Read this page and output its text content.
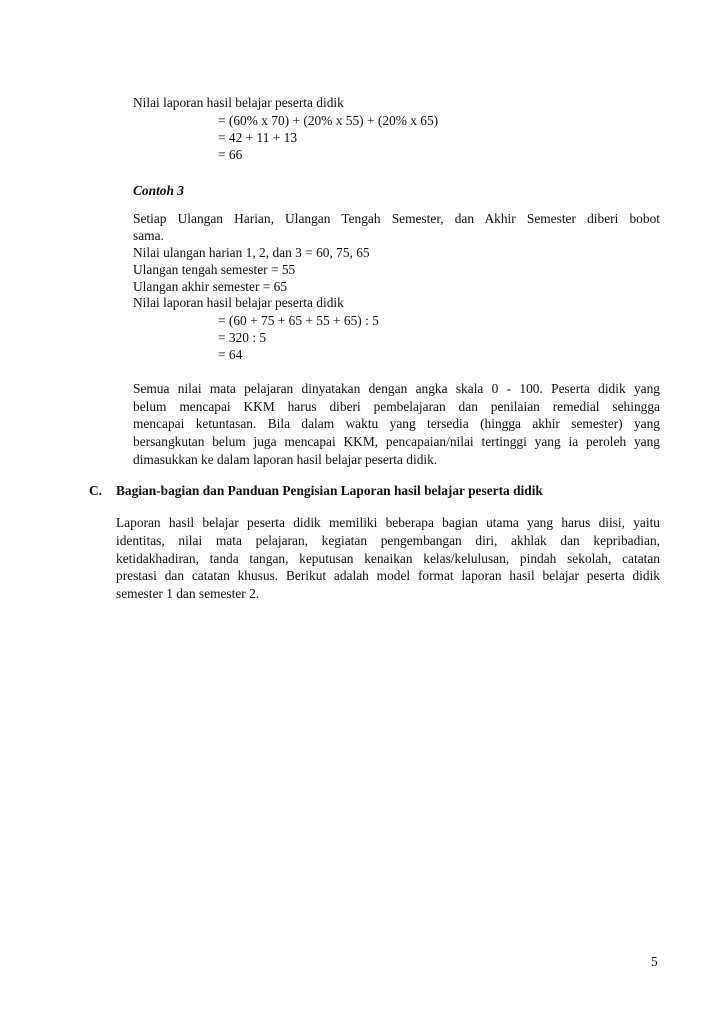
Nilai laporan hasil belajar peserta didik
= (60% x 70) + (20% x 55) + (20% x 65)
= 42 + 11 + 13
= 66
Contoh 3
Setiap Ulangan Harian, Ulangan Tengah Semester, dan Akhir Semester diberi bobot
sama.
Nilai ulangan harian 1, 2, dan 3 = 60, 75, 65
Ulangan tengah semester = 55
Ulangan akhir semester = 65
Nilai laporan hasil belajar peserta didik
= (60 + 75 + 65 + 55 + 65) : 5
= 320 : 5
= 64
Semua nilai mata pelajaran dinyatakan dengan angka skala 0 - 100. Peserta didik yang
belum mencapai KKM harus diberi pembelajaran dan penilaian remedial sehingga
mencapai ketuntasan. Bila dalam waktu yang tersedia (hingga akhir semester) yang
bersangkutan belum juga mencapai KKM, pencapaian/nilai tertinggi yang ia peroleh yang
dimasukkan ke dalam laporan hasil belajar peserta didik.
C. Bagian-bagian dan Panduan Pengisian Laporan hasil belajar peserta didik
Laporan hasil belajar peserta didik memiliki beberapa bagian utama yang harus diisi, yaitu
identitas, nilai mata pelajaran, kegiatan pengembangan diri, akhlak dan kepribadian,
ketidakhadiran, tanda tangan, keputusan kenaikan kelas/kelulusan, pindah sekolah, catatan
prestasi dan catatan khusus. Berikut adalah model format laporan hasil belajar peserta didik
semester 1 dan semester 2.
5
